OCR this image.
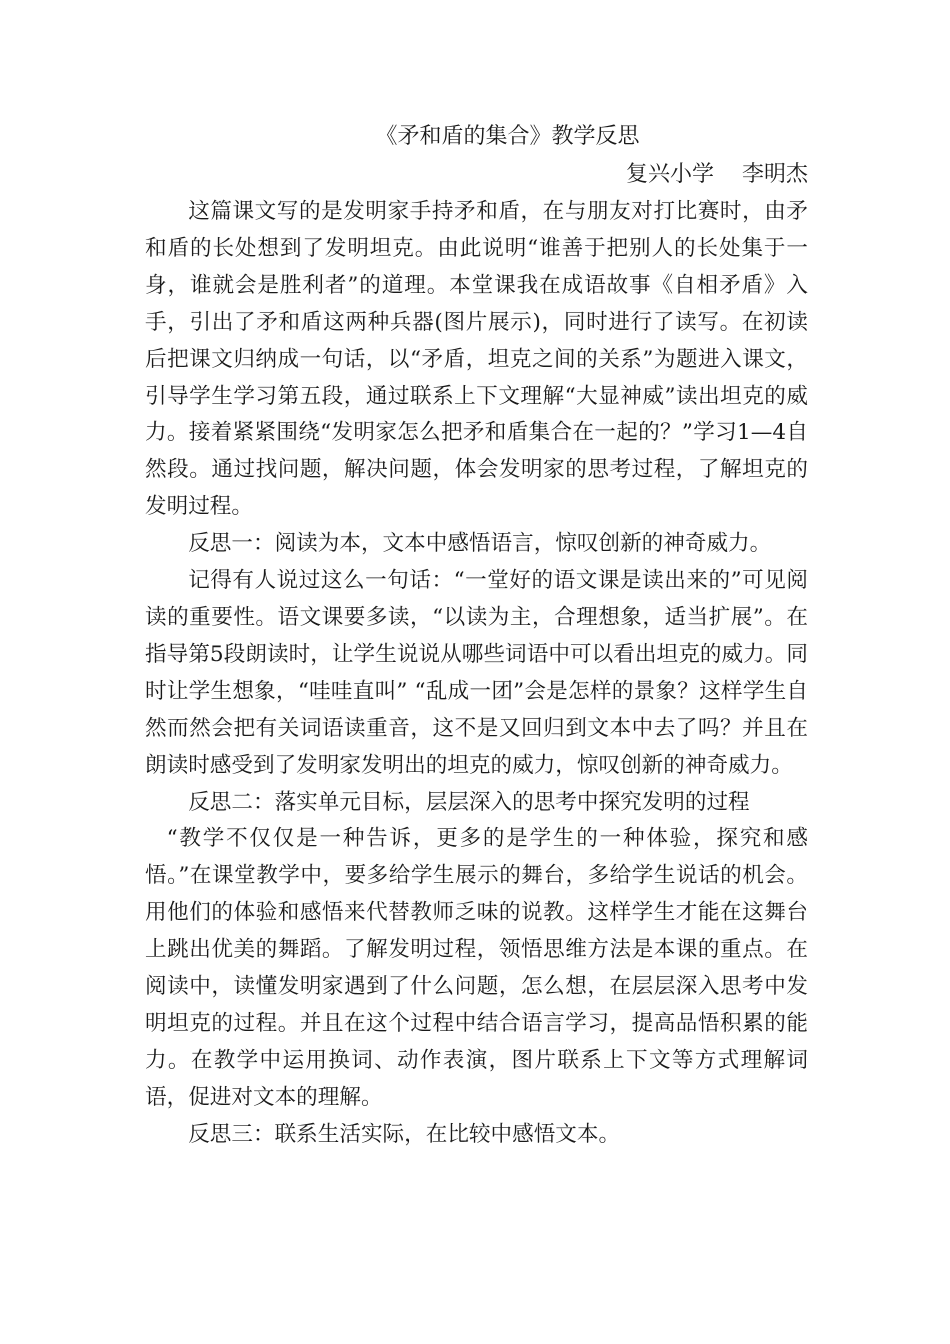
《矛和盾的集合》教学反思

复兴小学    李明杰

这篇课文写的是发明家手持矛和盾，在与朋友对打比赛时，由矛和盾的长处想到了发明坦克。由此说明“谁善于把别人的长处集于一身，谁就会是胜利者”的道理。本堂课我在成语故事《自相矛盾》入手，引出了矛和盾这两种兵器(图片展示)，同时进行了读写。在初读后把课文归纳成一句话，以“矛盾，坦克之间的关系”为题进入课文，引导学生学习第五段，通过联系上下文理解“大显神威”读出坦克的威力。接着紧紧围绕“发明家怎么把矛和盾集合在一起的？”学习1—4自然段。通过找问题，解决问题，体会发明家的思考过程，了解坦克的发明过程。

反思一：阅读为本，文本中感悟语言，惊叹创新的神奇威力。

记得有人说过这么一句话：“一堂好的语文课是读出来的”可见阅读的重要性。语文课要多读，“以读为主，合理想象，适当扩展”。在指导第5段朗读时，让学生说说从哪些词语中可以看出坦克的威力。同时让学生想象，“哇哇直叫” “乱成一团”会是怎样的景象？这样学生自然而然会把有关词语读重音，这不是又回归到文本中去了吗？并且在朗读时感受到了发明家发明出的坦克的威力，惊叹创新的神奇威力。

反思二：落实单元目标，层层深入的思考中探究发明的过程

“教学不仅仅是一种告诉，更多的是学生的一种体验，探究和感悟。”在课堂教学中，要多给学生展示的舞台，多给学生说话的机会。用他们的体验和感悟来代替教师乏味的说教。这样学生才能在这舞台上跳出优美的舞蹈。了解发明过程，领悟思维方法是本课的重点。在阅读中，读懂发明家遇到了什么问题，怎么想，在层层深入思考中发明坦克的过程。并且在这个过程中结合语言学习，提高品悟积累的能力。在教学中运用换词、动作表演，图片联系上下文等方式理解词语，促进对文本的理解。

反思三：联系生活实际，在比较中感悟文本。
